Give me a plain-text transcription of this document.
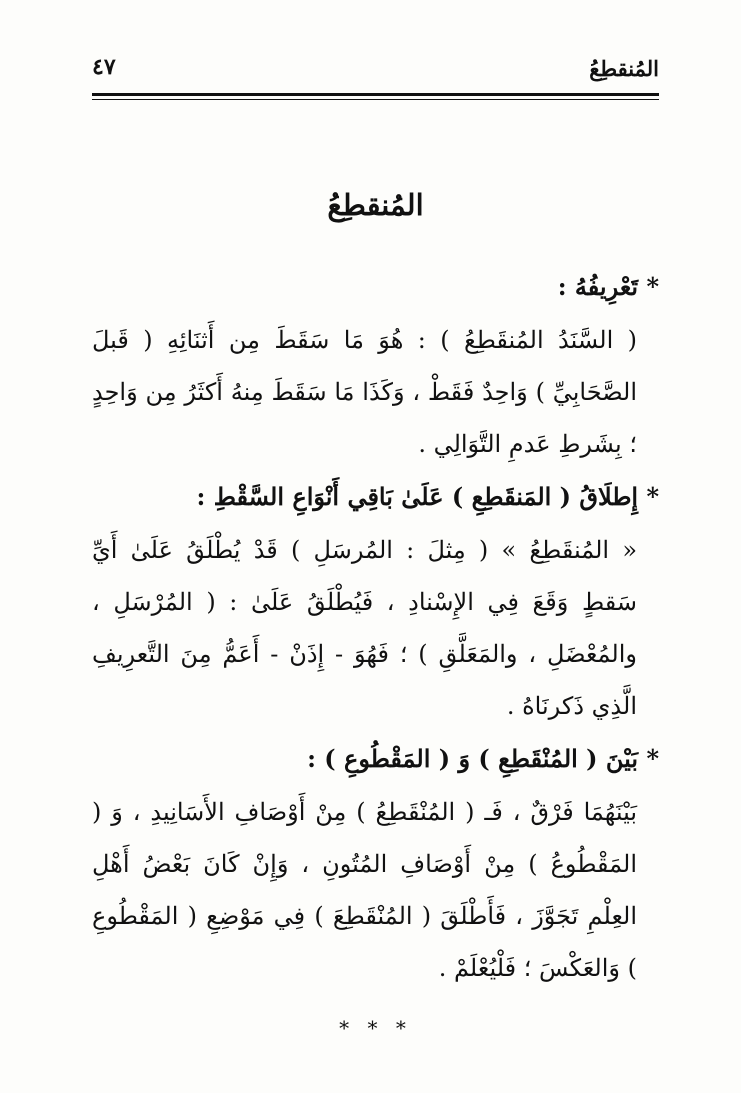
المُنقطِعُ
٤٧
المُنقطِعُ

* تَعْرِيفُهُ :

( السَّنَدُ المُنقَطِعُ ) : هُوَ مَا سَقَطَ مِن أَثنَائِهِ ( قَبلَ الصَّحَابِيِّ ) وَاحِدٌ فَقَطْ ، وَكَذَا مَا سَقَطَ مِنهُ أَكثَرُ مِن وَاحِدٍ ؛ بِشَرطِ عَدمِ التَّوَالِي .

* إِطلَاقُ ( المَنقَطِعِ ) عَلَىٰ بَاقِي أَنْوَاعِ السَّقْطِ :

« المُنقَطِعُ » ( مِثلَ : المُرسَلِ ) قَدْ يُطْلَقُ عَلَىٰ أَيِّ سَقطٍ وَقَعَ فِي الإِسْنادِ ، فَيُطْلَقُ عَلَىٰ : ( المُرْسَلِ ، والمُعْضَلِ ، والمَعَلَّقِ ) ؛ فَهُوَ - إِذَنْ - أَعَمُّ مِنَ التَّعرِيفِ الَّذِي ذَكرنَاهُ .

* بَيْنَ ( المُنْقَطِعِ ) وَ ( المَقْطُوعِ ) :

بَيْنَهُمَا فَرْقٌ ، فَـ ( المُنْقَطِعُ ) مِنْ أَوْصَافِ الأَسَانِيدِ ، وَ ( المَقْطُوعُ ) مِنْ أَوْصَافِ المُتُونِ ، وَإِنْ كَانَ بَعْضُ أَهْلِ العِلْمِ تَجَوَّزَ ، فَأَطْلَقَ ( المُنْقَطِعَ ) فِي مَوْضِعِ ( المَقْطُوعِ ) وَالعَكْسَ ؛ فَلْيُعْلَمْ .

* * *
